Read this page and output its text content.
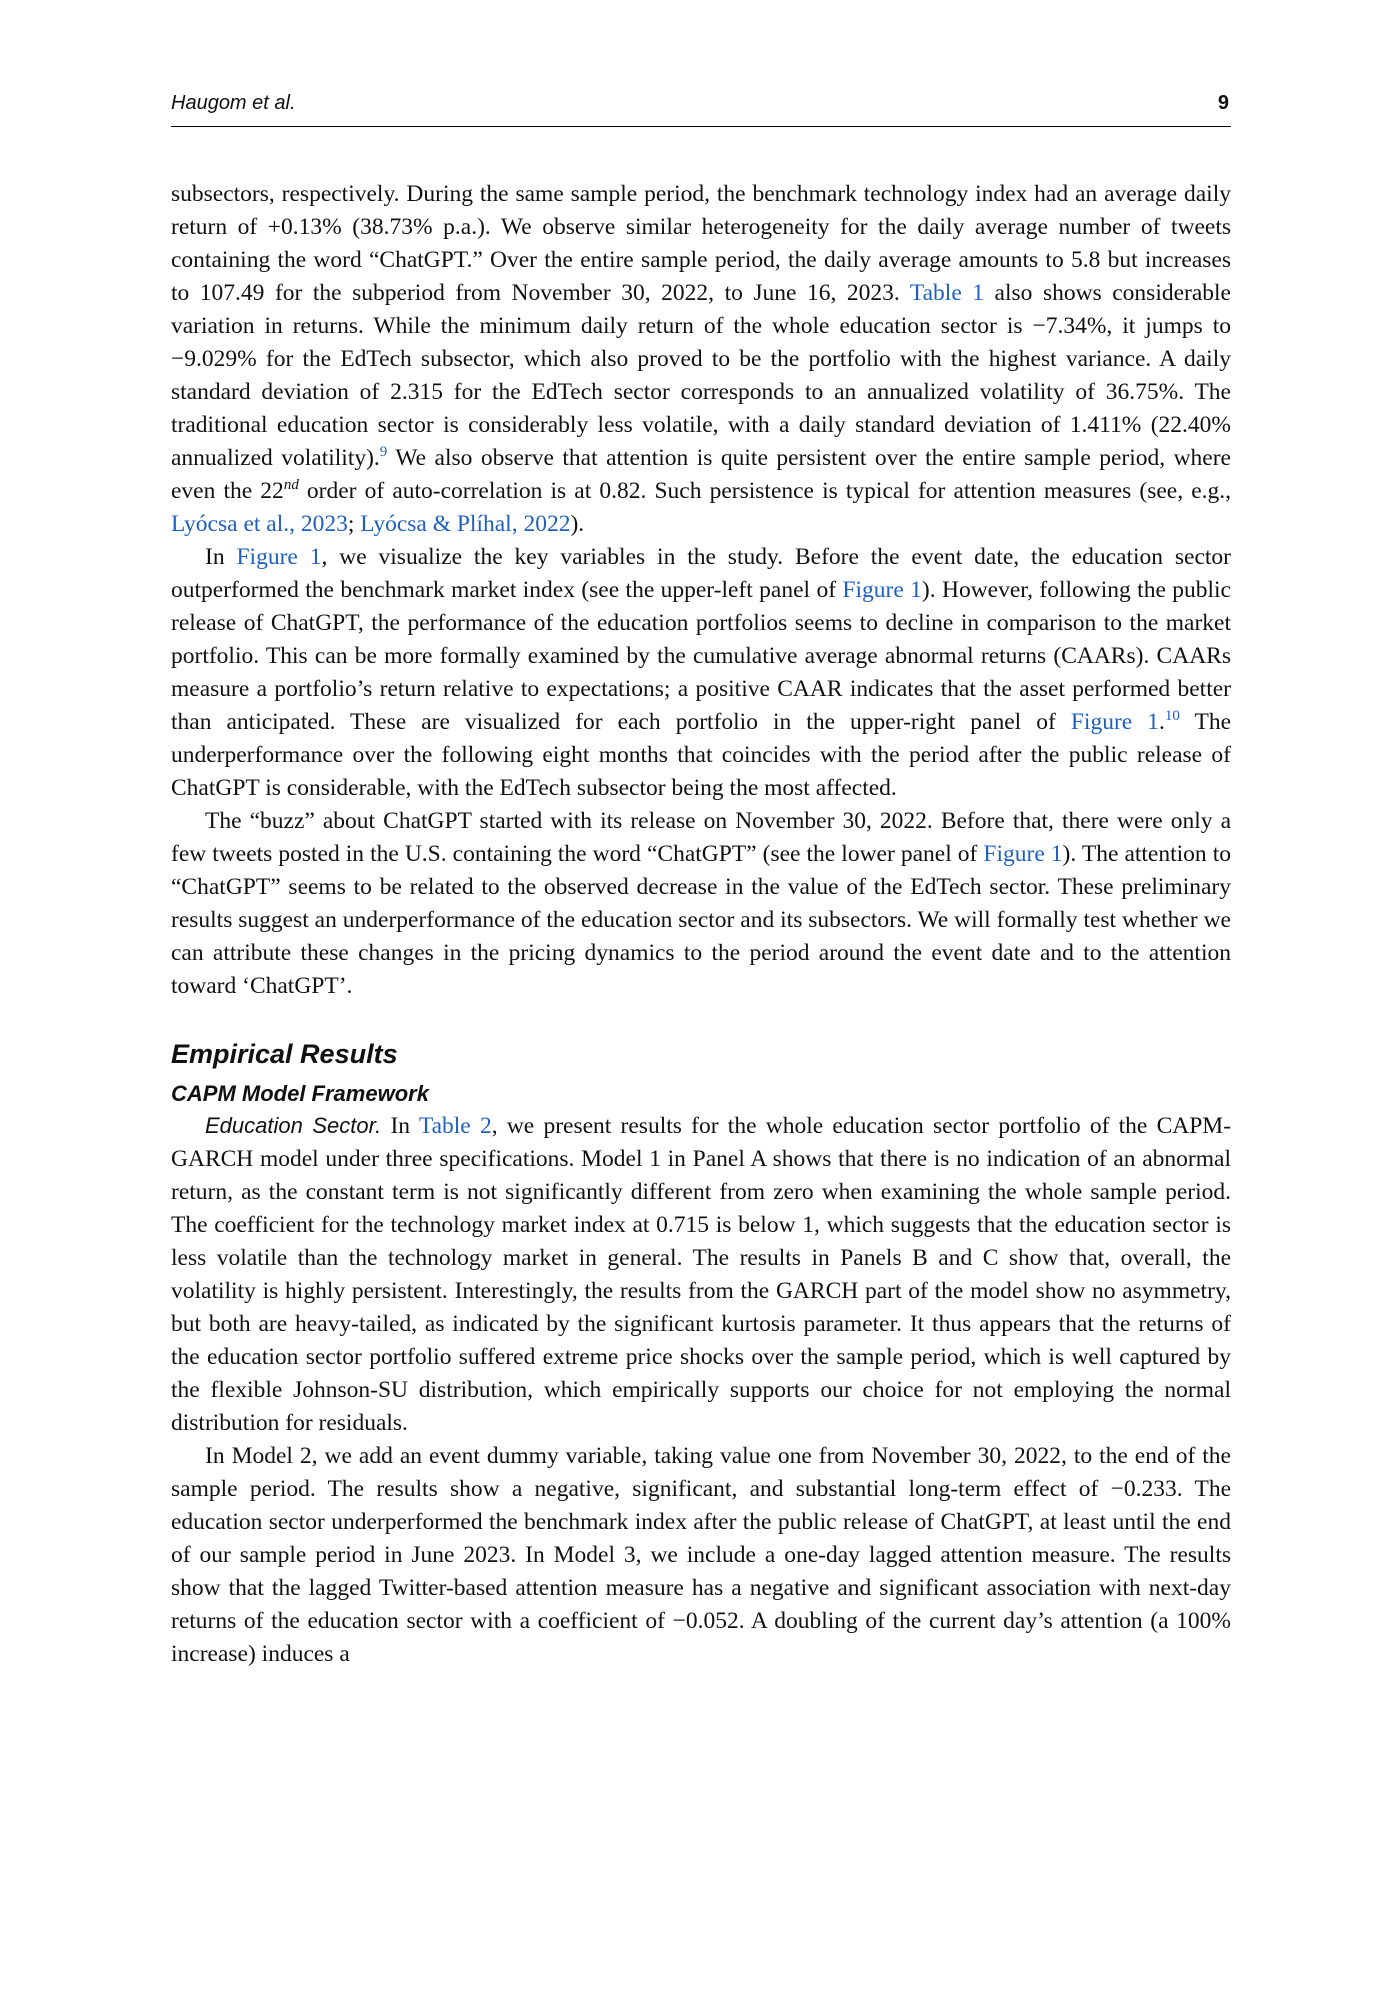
Haugom et al.	9

subsectors, respectively. During the same sample period, the benchmark technology index had an average daily return of +0.13% (38.73% p.a.). We observe similar heterogeneity for the daily average number of tweets containing the word “ChatGPT.” Over the entire sample period, the daily average amounts to 5.8 but increases to 107.49 for the subperiod from November 30, 2022, to June 16, 2023. Table 1 also shows considerable variation in returns. While the minimum daily return of the whole education sector is −7.34%, it jumps to −9.029% for the EdTech subsector, which also proved to be the portfolio with the highest variance. A daily standard deviation of 2.315 for the EdTech sector corresponds to an annualized volatility of 36.75%. The traditional education sector is considerably less volatile, with a daily standard deviation of 1.411% (22.40% annualized volatility).$^9$ We also observe that attention is quite persistent over the entire sample period, where even the 22nd order of auto-correlation is at 0.82. Such persistence is typical for attention measures (see, e.g., Lyócsa et al., 2023; Lyócsa & Plíhal, 2022).

In Figure 1, we visualize the key variables in the study. Before the event date, the education sector outperformed the benchmark market index (see the upper-left panel of Figure 1). However, following the public release of ChatGPT, the performance of the education portfolios seems to decline in comparison to the market portfolio. This can be more formally examined by the cumulative average abnormal returns (CAARs). CAARs measure a portfolio’s return relative to expectations; a positive CAAR indicates that the asset performed better than anticipated. These are visualized for each portfolio in the upper-right panel of Figure 1.10 The underperformance over the following eight months that coincides with the period after the public release of ChatGPT is considerable, with the EdTech subsector being the most affected.

The “buzz” about ChatGPT started with its release on November 30, 2022. Before that, there were only a few tweets posted in the U.S. containing the word “ChatGPT” (see the lower panel of Figure 1). The attention to “ChatGPT” seems to be related to the observed decrease in the value of the EdTech sector. These preliminary results suggest an underperformance of the education sector and its subsectors. We will formally test whether we can attribute these changes in the pricing dynamics to the period around the event date and to the attention toward ‘ChatGPT’.

Empirical Results
CAPM Model Framework

Education Sector. In Table 2, we present results for the whole education sector portfolio of the CAPM-GARCH model under three specifications. Model 1 in Panel A shows that there is no indication of an abnormal return, as the constant term is not significantly different from zero when examining the whole sample period. The coefficient for the technology market index at 0.715 is below 1, which suggests that the education sector is less volatile than the technology market in general. The results in Panels B and C show that, overall, the volatility is highly persistent. Interestingly, the results from the GARCH part of the model show no asymmetry, but both are heavy-tailed, as indicated by the significant kurtosis parameter. It thus appears that the returns of the education sector portfolio suffered extreme price shocks over the sample period, which is well captured by the flexible Johnson-SU distribution, which empirically supports our choice for not employing the normal distribution for residuals.

In Model 2, we add an event dummy variable, taking value one from November 30, 2022, to the end of the sample period. The results show a negative, significant, and substantial long-term effect of −0.233. The education sector underperformed the benchmark index after the public release of ChatGPT, at least until the end of our sample period in June 2023. In Model 3, we include a one-day lagged attention measure. The results show that the lagged Twitter-based attention measure has a negative and significant association with next-day returns of the education sector with a coefficient of −0.052. A doubling of the current day’s attention (a 100% increase) induces a
